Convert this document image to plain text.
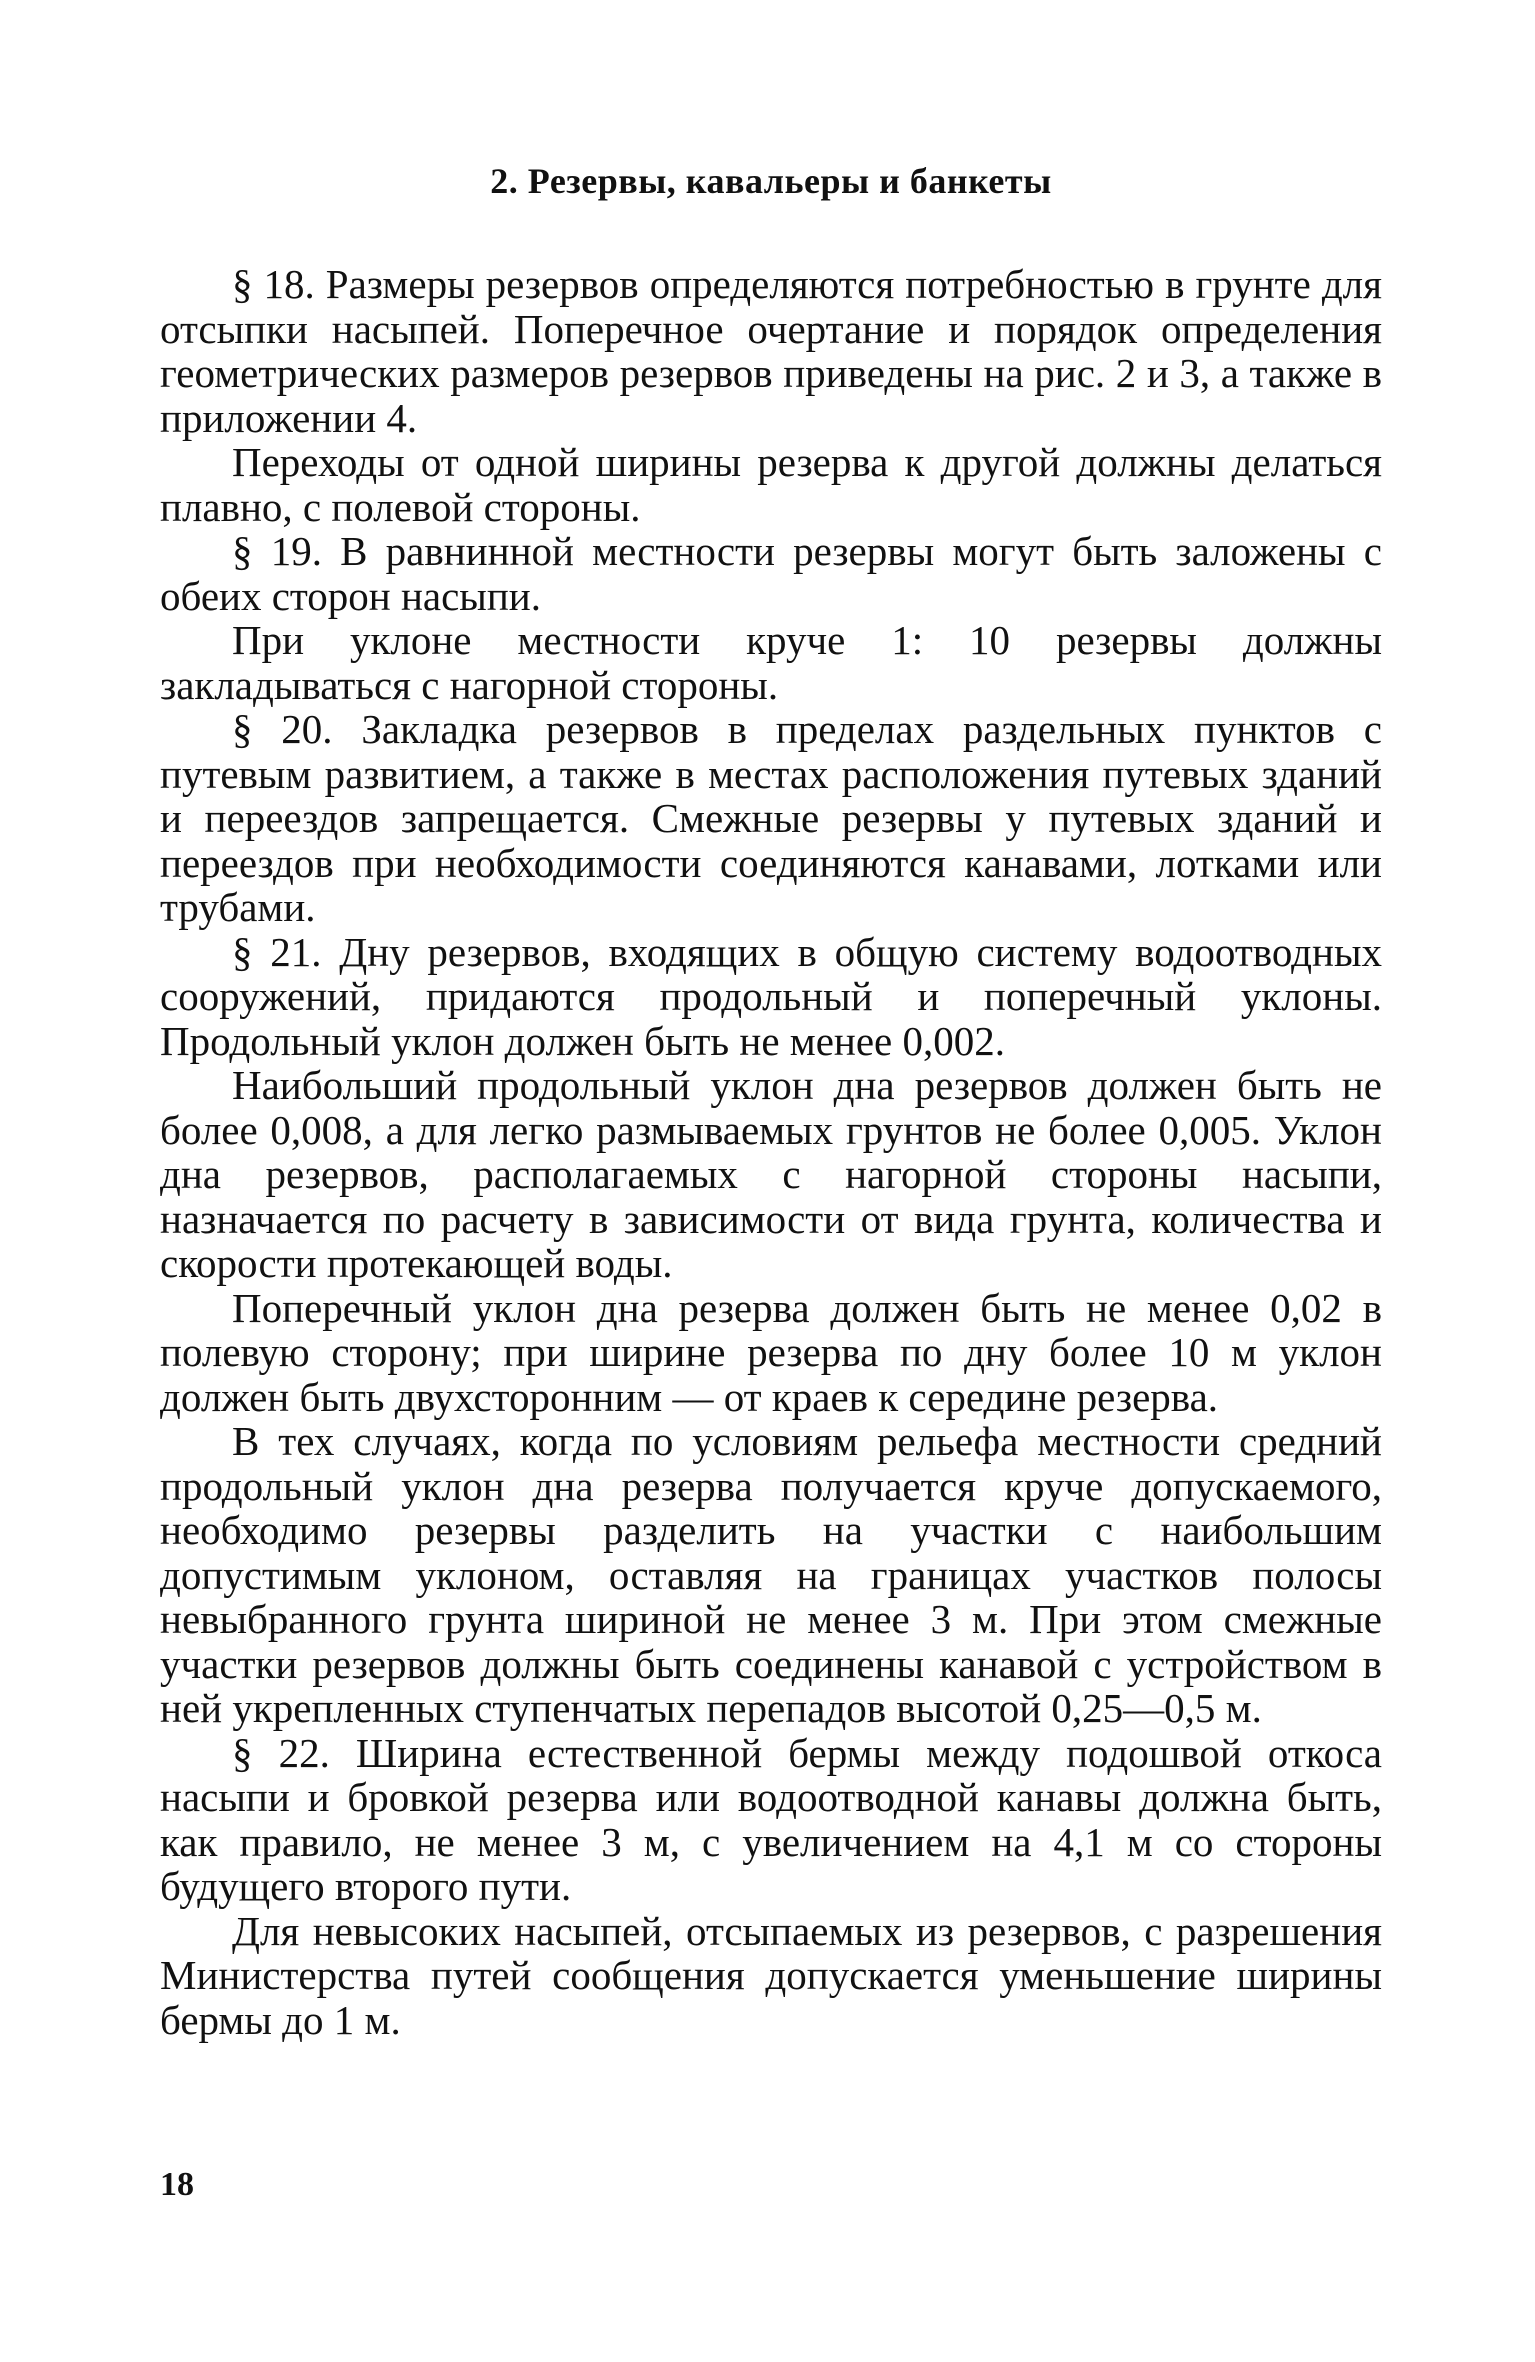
2. Резервы, кавальеры и банкеты

§ 18. Размеры резервов определяются потребностью в грунте для отсыпки насыпей. Поперечное очертание и порядок определения геометрических размеров резервов приведены на рис. 2 и 3, а также в приложении 4.

Переходы от одной ширины резерва к другой должны делаться плавно, с полевой стороны.

§ 19. В равнинной местности резервы могут быть заложены с обеих сторон насыпи.

При уклоне местности круче 1: 10 резервы должны закладываться с нагорной стороны.

§ 20. Закладка резервов в пределах раздельных пунктов с путевым развитием, а также в местах расположения путевых зданий и переездов запрещается. Смежные резервы у путевых зданий и переездов при необходимости соединяются канавами, лотками или трубами.

§ 21. Дну резервов, входящих в общую систему водоотводных сооружений, придаются продольный и поперечный уклоны. Продольный уклон должен быть не менее 0,002.

Наибольший продольный уклон дна резервов должен быть не более 0,008, а для легко размываемых грунтов не более 0,005. Уклон дна резервов, располагаемых с нагорной стороны насыпи, назначается по расчету в зависимости от вида грунта, количества и скорости протекающей воды.

Поперечный уклон дна резерва должен быть не менее 0,02 в полевую сторону; при ширине резерва по дну более 10 м уклон должен быть двухсторонним — от краев к середине резерва.

В тех случаях, когда по условиям рельефа местности средний продольный уклон дна резерва получается круче допускаемого, необходимо резервы разделить на участки с наибольшим допустимым уклоном, оставляя на границах участков полосы невыбранного грунта шириной не менее 3 м. При этом смежные участки резервов должны быть соединены канавой с устройством в ней укрепленных ступенчатых перепадов высотой 0,25—0,5 м.

§ 22. Ширина естественной бермы между подошвой откоса насыпи и бровкой резерва или водоотводной канавы должна быть, как правило, не менее 3 м, с увеличением на 4,1 м со стороны будущего второго пути.

Для невысоких насыпей, отсыпаемых из резервов, с разрешения Министерства путей сообщения допускается уменьшение ширины бермы до 1 м.

18
